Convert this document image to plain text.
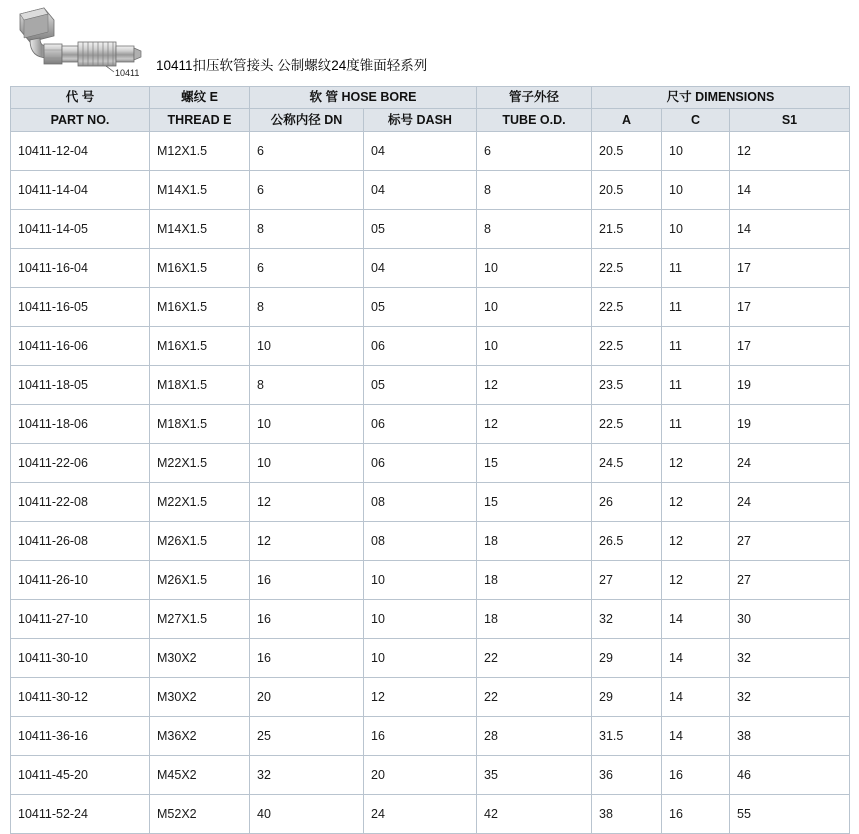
10411 10411扣压软管接头 公制螺纹24度锥面轻系列
代 号	螺纹 E	软 管 HOSE BORE		管子外径	尺寸 DIMENSIONS		
PART NO.	THREAD E	公称内径 DN	标号 DASH	TUBE O.D.	A	C	S1
10411-12-04	M12X1.5	6	04	6	20.5	10	12
10411-14-04	M14X1.5	6	04	8	20.5	10	14
10411-14-05	M14X1.5	8	05	8	21.5	10	14
10411-16-04	M16X1.5	6	04	10	22.5	11	17
10411-16-05	M16X1.5	8	05	10	22.5	11	17
10411-16-06	M16X1.5	10	06	10	22.5	11	17
10411-18-05	M18X1.5	8	05	12	23.5	11	19
10411-18-06	M18X1.5	10	06	12	22.5	11	19
10411-22-06	M22X1.5	10	06	15	24.5	12	24
10411-22-08	M22X1.5	12	08	15	26	12	24
10411-26-08	M26X1.5	12	08	18	26.5	12	27
10411-26-10	M26X1.5	16	10	18	27	12	27
10411-27-10	M27X1.5	16	10	18	32	14	30
10411-30-10	M30X2	16	10	22	29	14	32
10411-30-12	M30X2	20	12	22	29	14	32
10411-36-16	M36X2	25	16	28	31.5	14	38
10411-45-20	M45X2	32	20	35	36	16	46
10411-52-24	M52X2	40	24	42	38	16	55
